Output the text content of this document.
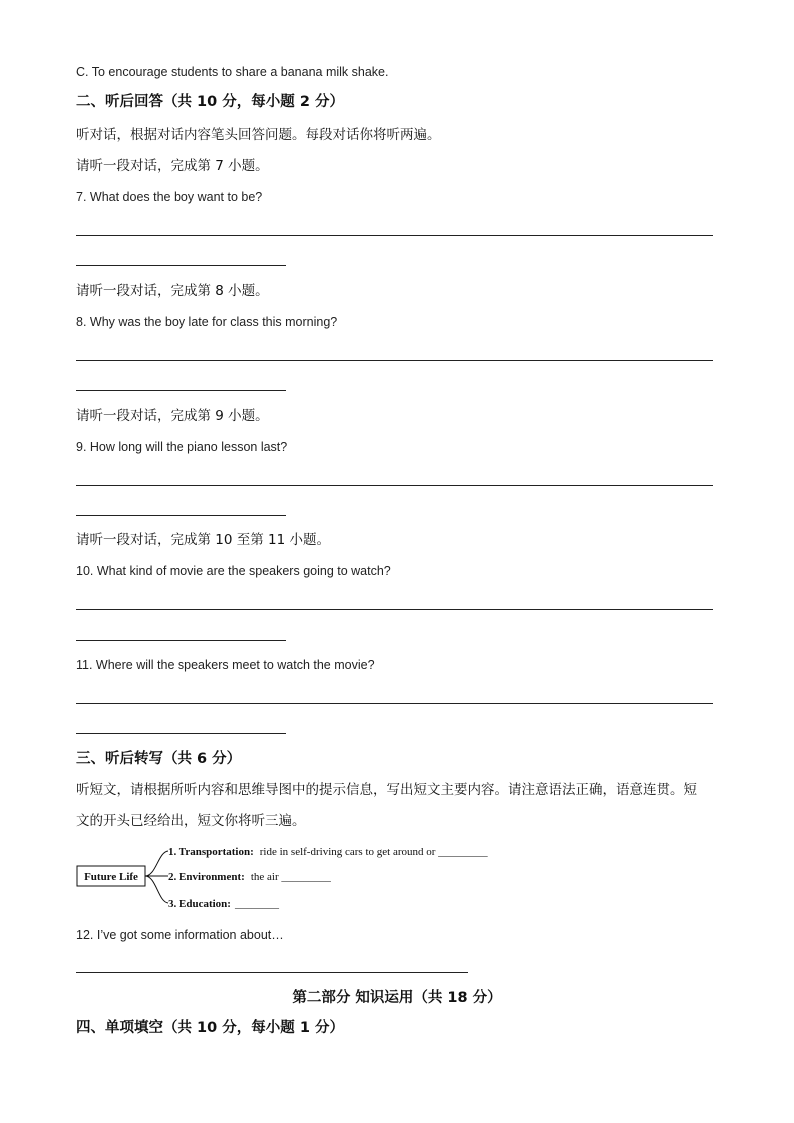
C. To encourage students to share a banana milk shake.
二、听后回答（共 10 分，每小题 2 分）
听对话，根据对话内容笔头回答问题。每段对话你将听两遍。
请听一段对话，完成第 7 小题。
7. What does the boy want to be?
请听一段对话，完成第 8 小题。
8. Why was the boy late for class this morning?
请听一段对话，完成第 9 小题。
9. How long will the piano lesson last?
请听一段对话，完成第 10 至第 11 小题。
10. What kind of movie are the speakers going to watch?
11. Where will the speakers meet to watch the movie?
三、听后转写（共 6 分）
听短文，请根据所听内容和思维导图中的提示信息，写出短文主要内容。请注意语法正确，语意连贯。短
文的开头已经给出，短文你将听三遍。
Future Life
1. Transportation: ride in self-driving cars to get around or _________
2. Environment: the air _________
3. Education: ________
12. I’ve got some information about…
第二部分 知识运用（共 18 分）
四、单项填空（共 10 分，每小题 1 分）
